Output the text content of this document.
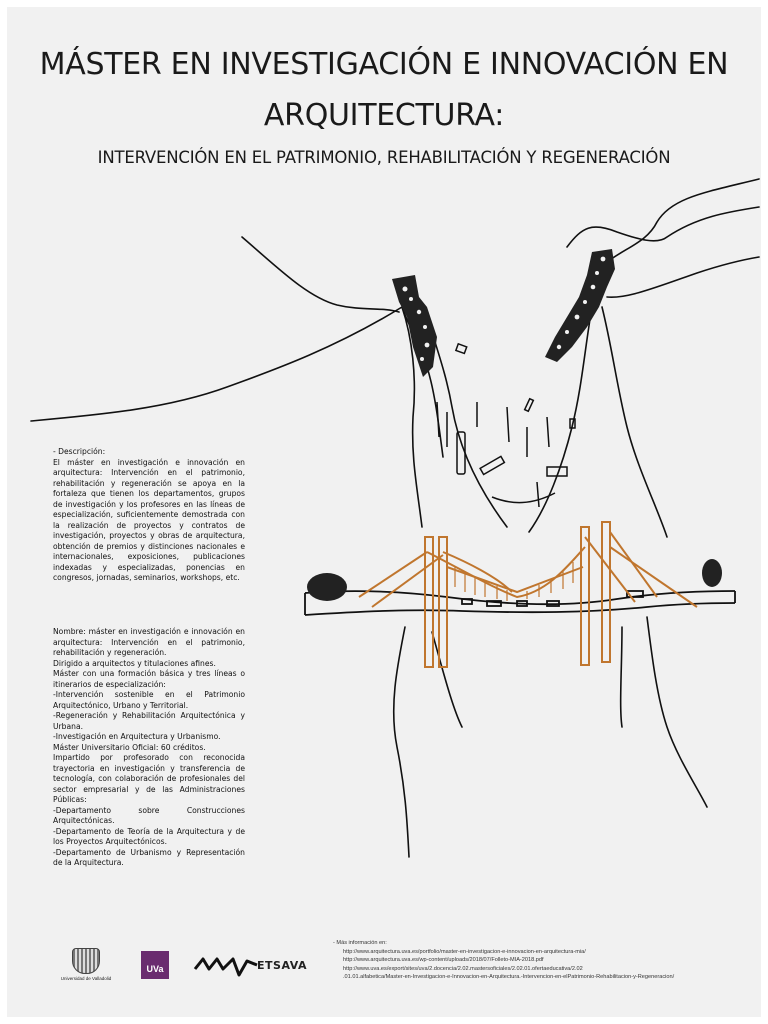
MÁSTER EN INVESTIGACIÓN E INNOVACIÓN EN
ARQUITECTURA:
INTERVENCIÓN EN EL PATRIMONIO, REHABILITACIÓN Y REGENERACIÓN
- Descripción:
El máster en investigación e innovación en arquitectura: Intervención en el patrimonio, rehabilitación y regeneración se apoya en la fortaleza que tienen los departamentos, grupos de investigación y los profesores en las líneas de especialización, suficientemente demostrada con la realización de proyectos y contratos de investigación, proyectos y obras de arquitectura, obtención de premios y distinciones nacionales e internacionales, exposiciones, publicaciones indexadas y especializadas, ponencias en congresos, jornadas, seminarios, workshops, etc.
Nombre: máster en investigación e innovación en arquitectura: Intervención en el patrimonio, rehabilitación y regeneración.
Dirigido a arquitectos y titulaciones afines.
Máster con una formación básica y tres líneas o itinerarios de especialización:
-Intervención sostenible en el Patrimonio Arquitectónico, Urbano y Territorial.
-Regeneración y Rehabilitación Arquitectónica y Urbana.
-Investigación en Arquitectura y Urbanismo.
Máster Universitario Oficial: 60 créditos.
Impartido por profesorado con reconocida trayectoria en investigación y transferencia de tecnología, con colaboración de profesionales del sector empresarial y de las Administraciones Públicas:
-Departamento sobre Construcciones Arquitectónicas.
-Departamento de Teoría de la Arquitectura y de los Proyectos Arquitectónicos.
-Departamento de Urbanismo y Representación de la Arquitectura.
Universidad de Valladolid
UVa	ETSAVA
- Más información en:
http://www.arquitectura.uva.es/portfolio/master-en-investigacion-e-innovacion-en-arquitectura-mia/
http://www.arquitectura.uva.es/wp-content/uploads/2018/07/Folleto-MIA-2018.pdf
http://www.uva.es/export/sites/uva/2.docencia/2.02.mastersoficiales/2.02.01.ofertaeducativa/2.02
.01.01.alfabetica/Master-en-Investigacion-e-Innovacion-en-Arquitectura.-Intervencion-en-elPatrimonio-Rehabilitacion-y-Regeneracion/
